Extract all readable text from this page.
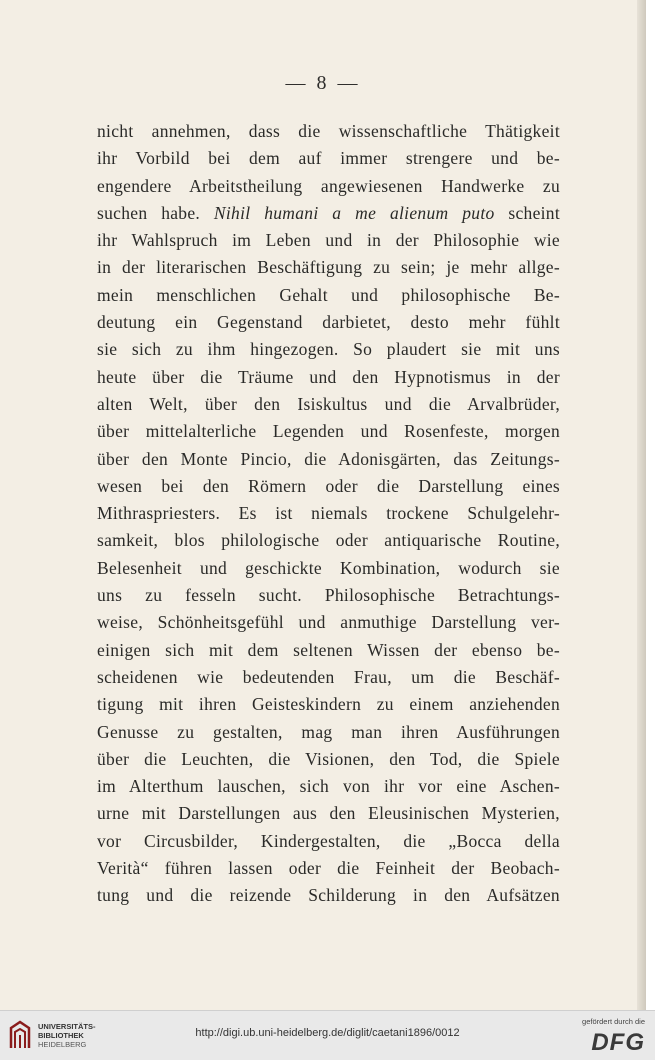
— 8 —
nicht annehmen, dass die wissenschaftliche Thätigkeit
ihr Vorbild bei dem auf immer strengere und be-
engendere Arbeitstheilung angewiesenen Handwerke zu
suchen habe. Nihil humani a me alienum puto scheint
ihr Wahlspruch im Leben und in der Philosophie wie
in der literarischen Beschäftigung zu sein; je mehr allge-
mein menschlichen Gehalt und philosophische Be-
deutung ein Gegenstand darbietet, desto mehr fühlt
sie sich zu ihm hingezogen. So plaudert sie mit uns
heute über die Träume und den Hypnotismus in der
alten Welt, über den Isiskultus und die Arvalbrüder,
über mittelalterliche Legenden und Rosenfeste, morgen
über den Monte Pincio, die Adonisgärten, das Zeitungs-
wesen bei den Römern oder die Darstellung eines
Mithraspriesters. Es ist niemals trockene Schulgelehr-
samkeit, blos philologische oder antiquarische Routine,
Belesenheit und geschickte Kombination, wodurch sie
uns zu fesseln sucht. Philosophische Betrachtungs-
weise, Schönheitsgefühl und anmuthige Darstellung ver-
einigen sich mit dem seltenen Wissen der ebenso be-
scheidenen wie bedeutenden Frau, um die Beschäf-
tigung mit ihren Geisteskindern zu einem anziehenden
Genusse zu gestalten, mag man ihren Ausführungen
über die Leuchten, die Visionen, den Tod, die Spiele
im Alterthum lauschen, sich von ihr vor eine Aschen-
urne mit Darstellungen aus den Eleusinischen Mysterien,
vor Circusbilder, Kindergestalten, die „Bocca della
Verità“ führen lassen oder die Feinheit der Beobach-
tung und die reizende Schilderung in den Aufsätzen
UNIVERSITÄTS-
BIBLIOTHEK
HEIDELBERG
http://digi.ub.uni-heidelberg.de/diglit/caetani1896/0012
gefördert durch die
DFG
